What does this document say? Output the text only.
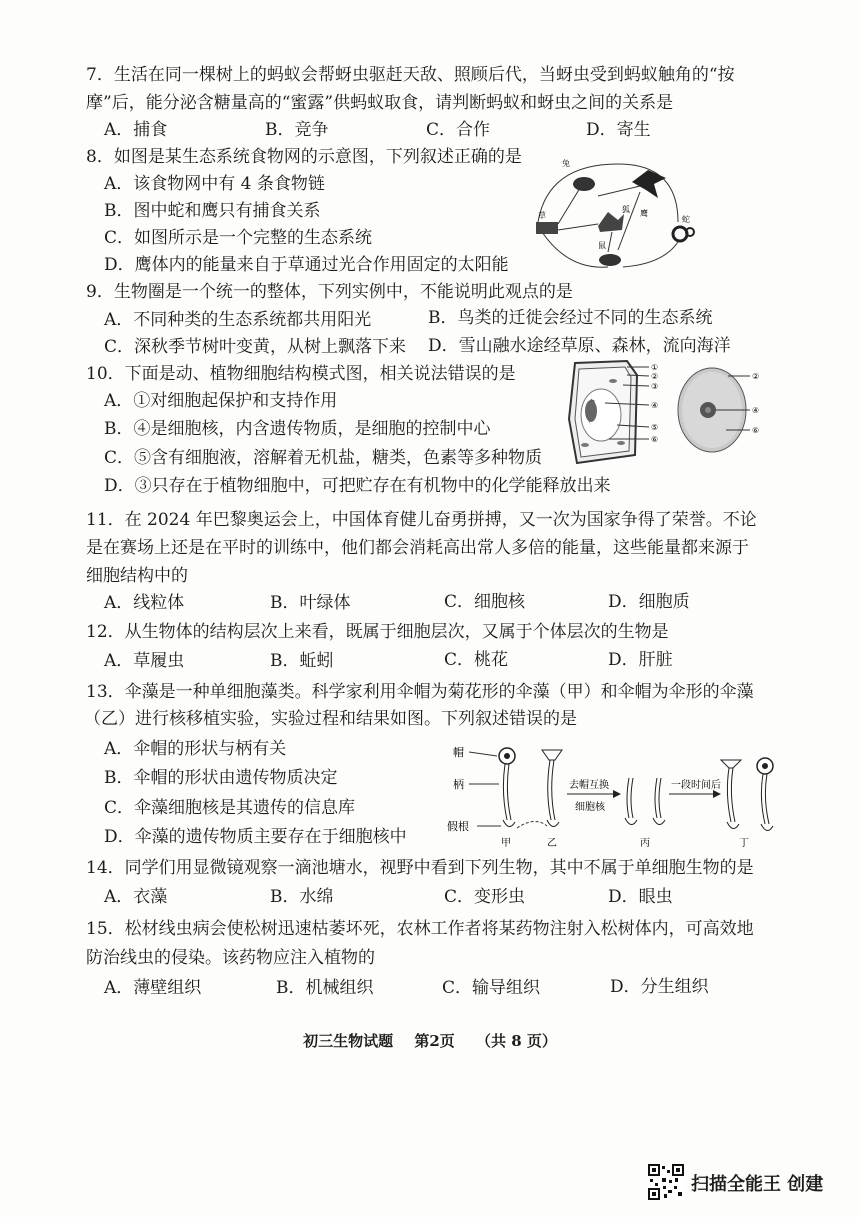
7．生活在同一棵树上的蚂蚁会帮蚜虫驱赶天敌、照顾后代，当蚜虫受到蚂蚁触角的“按
摩”后，能分泌含糖量高的“蜜露”供蚂蚁取食，请判断蚂蚁和蚜虫之间的关系是
A．捕食	B．竞争	C．合作	D．寄生
8．如图是某生态系统食物网的示意图，下列叙述正确的是
A．该食物网中有 4 条食物链
B．图中蛇和鹰只有捕食关系
C．如图所示是一个完整的生态系统
D．鹰体内的能量来自于草通过光合作用固定的太阳能
兔
鹰
草
狐
鼠
蛇
9．生物圈是一个统一的整体，下列实例中，不能说明此观点的是
A．不同种类的生态系统都共用阳光	B．鸟类的迁徙会经过不同的生态系统
C．深秋季节树叶变黄，从树上飘落下来 D．雪山融水途经草原、森林，流向海洋
10．下面是动、植物细胞结构模式图，相关说法错误的是
A．①对细胞起保护和支持作用
B．④是细胞核，内含遗传物质，是细胞的控制中心
C．⑤含有细胞液，溶解着无机盐，糖类，色素等多种物质
D．③只存在于植物细胞中，可把贮存在有机物中的化学能释放出来
①
②
③
④
⑤
⑥
②
④
⑥
11．在 2024 年巴黎奥运会上，中国体育健儿奋勇拼搏，又一次为国家争得了荣誉。不论
是在赛场上还是在平时的训练中，他们都会消耗高出常人多倍的能量，这些能量都来源于
细胞结构中的
A．线粒体	B．叶绿体	C．细胞核	D．细胞质
12．从生物体的结构层次上来看，既属于细胞层次，又属于个体层次的生物是
A．草履虫	B．蚯蚓	C．桃花	D．肝脏
13．伞藻是一种单细胞藻类。科学家利用伞帽为菊花形的伞藻（甲）和伞帽为伞形的伞藻
（乙）进行核移植实验，实验过程和结果如图。下列叙述错误的是
A．伞帽的形状与柄有关
B．伞帽的形状由遗传物质决定
C．伞藻细胞核是其遗传的信息库
D．伞藻的遗传物质主要存在于细胞核中
帽
柄
假根
甲	乙
去帽互换
细胞核
丙
一段时间后
丁
14．同学们用显微镜观察一滴池塘水，视野中看到下列生物，其中不属于单细胞生物的是
A．衣藻	B．水绵	C．变形虫	D．眼虫
15．松材线虫病会使松树迅速枯萎坏死，农林工作者将某药物注射入松树体内，可高效地
防治线虫的侵染。该药物应注入植物的
A．薄壁组织	B．机械组织	C．输导组织	D．分生组织
初三生物试题 第2页 （共 8 页）
扫描全能王 创建
